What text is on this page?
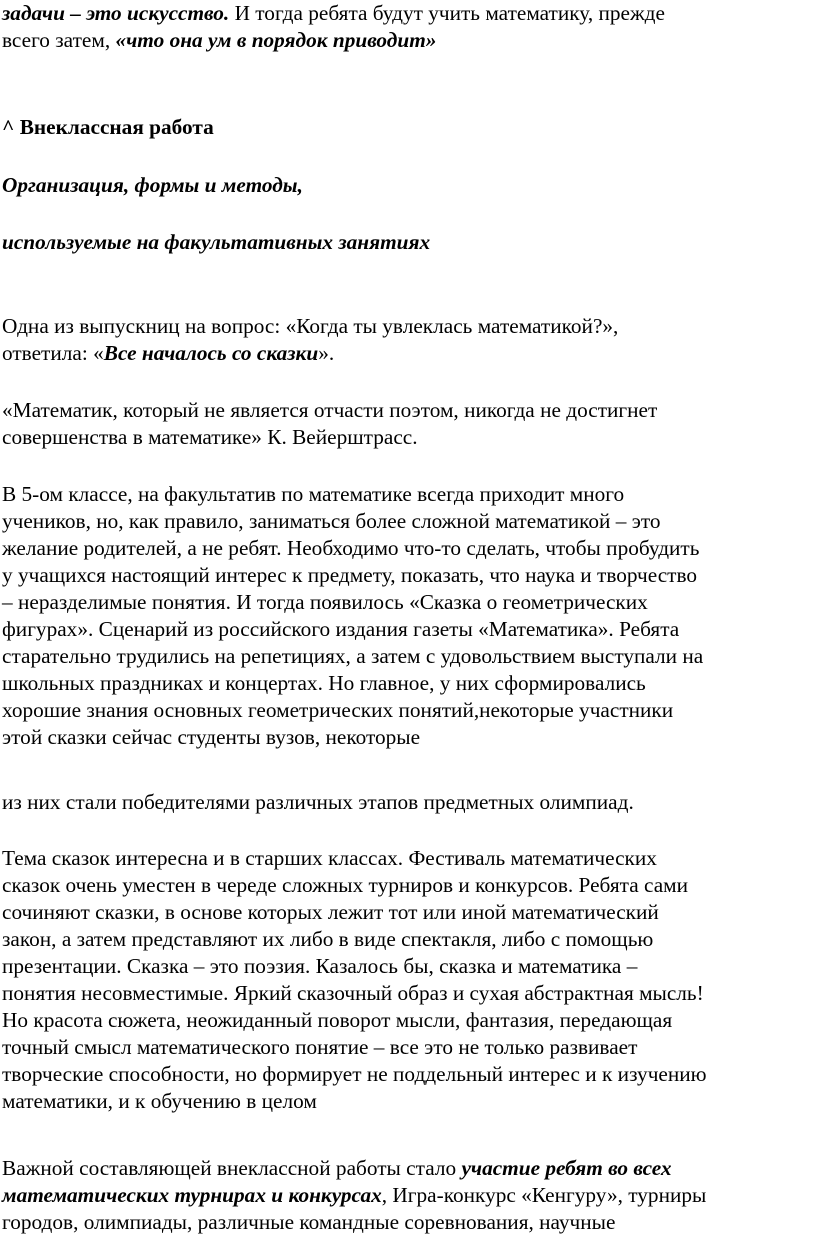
задачи – это искусство. И тогда ребята будут учить математику, прежде
всего затем, «что она ум в порядок приводит»

^ Внеклассная работа

Организация, формы и методы,

используемые на факультативных занятиях

Одна из выпускниц на вопрос: «Когда ты увлеклась математикой?»,
ответила: «Все началось со сказки».

«Математик, который не является отчасти поэтом, никогда не достигнет
совершенства в математике» К. Вейерштрасс.

В 5-ом классе, на факультатив по математике всегда приходит много
учеников, но, как правило, заниматься более сложной математикой – это
желание родителей, а не ребят. Необходимо что-то сделать, чтобы пробудить
у учащихся настоящий интерес к предмету, показать, что наука и творчество
– неразделимые понятия. И тогда появилось «Сказка о геометрических
фигурах». Сценарий из российского издания газеты «Математика». Ребята
старательно трудились на репетициях, а затем с удовольствием выступали на
школьных праздниках и концертах. Но главное, у них сформировались
хорошие знания основных геометрических понятий,некоторые участники
этой сказки сейчас студенты вузов, некоторые

из них стали победителями различных этапов предметных олимпиад.

Тема сказок интересна и в старших классах. Фестиваль математических
сказок очень уместен в череде сложных турниров и конкурсов. Ребята сами
сочиняют сказки, в основе которых лежит тот или иной математический
закон, а затем представляют их либо в виде спектакля, либо с помощью
презентации. Сказка – это поэзия. Казалось бы, сказка и математика –
понятия несовместимые. Яркий сказочный образ и сухая абстрактная мысль!
Но красота сюжета, неожиданный поворот мысли, фантазия, передающая
точный смысл математического понятие – все это не только развивает
творческие способности, но формирует не поддельный интерес и к изучению
математики, и к обучению в целом

Важной составляющей внеклассной работы стало участие ребят во всех
математических турнирах и конкурсах, Игра-конкурс «Кенгуру», турниры
городов, олимпиады, различные командные соревнования, научные
